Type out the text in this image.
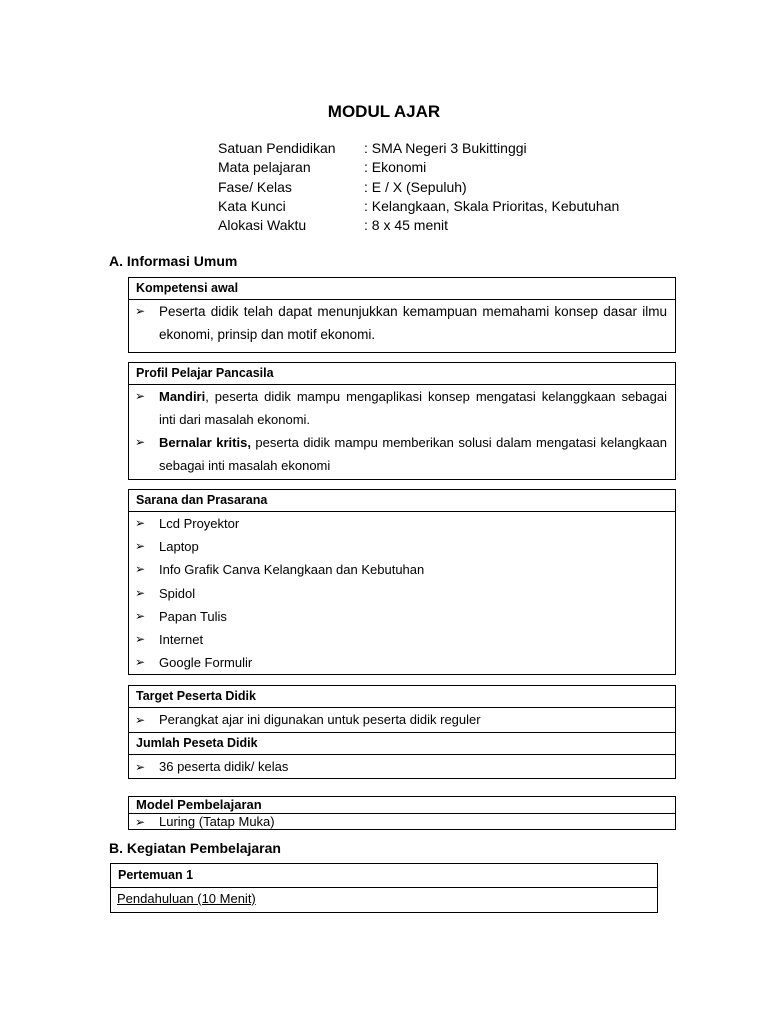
MODUL AJAR
Satuan Pendidikan : SMA Negeri 3 Bukittinggi
Mata pelajaran	: Ekonomi
Fase/ Kelas	: E / X (Sepuluh)
Kata Kunci	: Kelangkaan, Skala Prioritas, Kebutuhan
Alokasi Waktu	: 8 x 45 menit
A. Informasi Umum
Kompetensi awal
➢ Peserta didik telah dapat menunjukkan kemampuan memahami konsep dasar ilmu ekonomi, prinsip dan motif ekonomi.
Profil Pelajar Pancasila
➢ Mandiri, peserta didik mampu mengaplikasi konsep mengatasi kelanggkaan sebagai inti dari masalah ekonomi.
➢ Bernalar kritis, peserta didik mampu memberikan solusi dalam mengatasi kelangkaan sebagai inti masalah ekonomi
Sarana dan Prasarana
➢ Lcd Proyektor
➢ Laptop
➢ Info Grafik Canva Kelangkaan dan Kebutuhan
➢ Spidol
➢ Papan Tulis
➢ Internet
➢ Google Formulir
Target Peserta Didik
➢ Perangkat ajar ini digunakan untuk peserta didik reguler
Jumlah Peseta Didik
➢ 36 peserta didik/ kelas
Model Pembelajaran
➢ Luring (Tatap Muka)
B. Kegiatan Pembelajaran
Pertemuan 1
Pendahuluan (10 Menit)
